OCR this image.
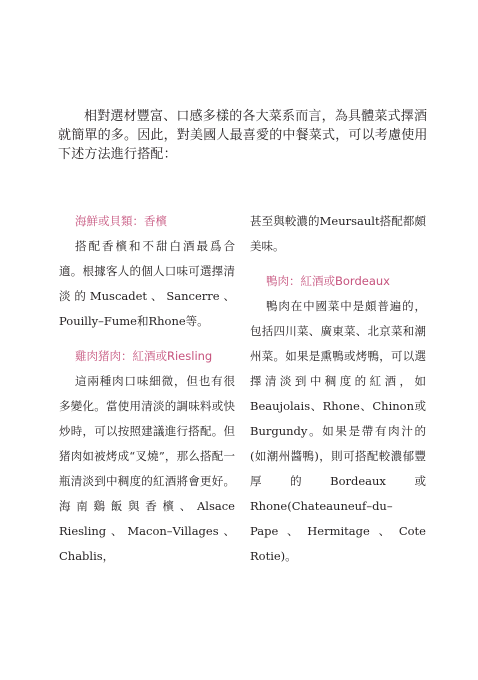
相對選材豐富、口感多樣的各大菜系而言，為具體菜式擇酒就簡單的多。因此，對美國人最喜愛的中餐菜式，可以考慮使用下述方法進行搭配：

海鮮或貝類：香檳

搭配香檳和不甜白酒最爲合適。根據客人的個人口味可選擇清淡的Muscadet、Sancerre、Pouilly–Fume和Rhone等。

雞肉猪肉：紅酒或Riesling

這兩種肉口味細微，但也有很多變化。當使用清淡的調味料或快炒時，可以按照建議進行搭配。但猪肉如被烤成“叉燒”，那么搭配一瓶清淡到中稠度的紅酒將會更好。海南鷄飯與香檳、Alsace Riesling、Macon–Villages、Chablis，

甚至與較濃的Meursault搭配都頗美味。

鴨肉：紅酒或Bordeaux

鴨肉在中國菜中是頗普遍的，包括四川菜、廣東菜、北京菜和潮州菜。如果是熏鴨或烤鴨，可以選擇清淡到中稠度的紅酒，如Beaujolais、Rhone、Chinon或Burgundy。如果是帶有肉汁的(如潮州醬鴨)，則可搭配較濃郁豐厚的Bordeaux或Rhone(Chateauneuf–du–Pape、Hermitage、Cote Rotie)。
